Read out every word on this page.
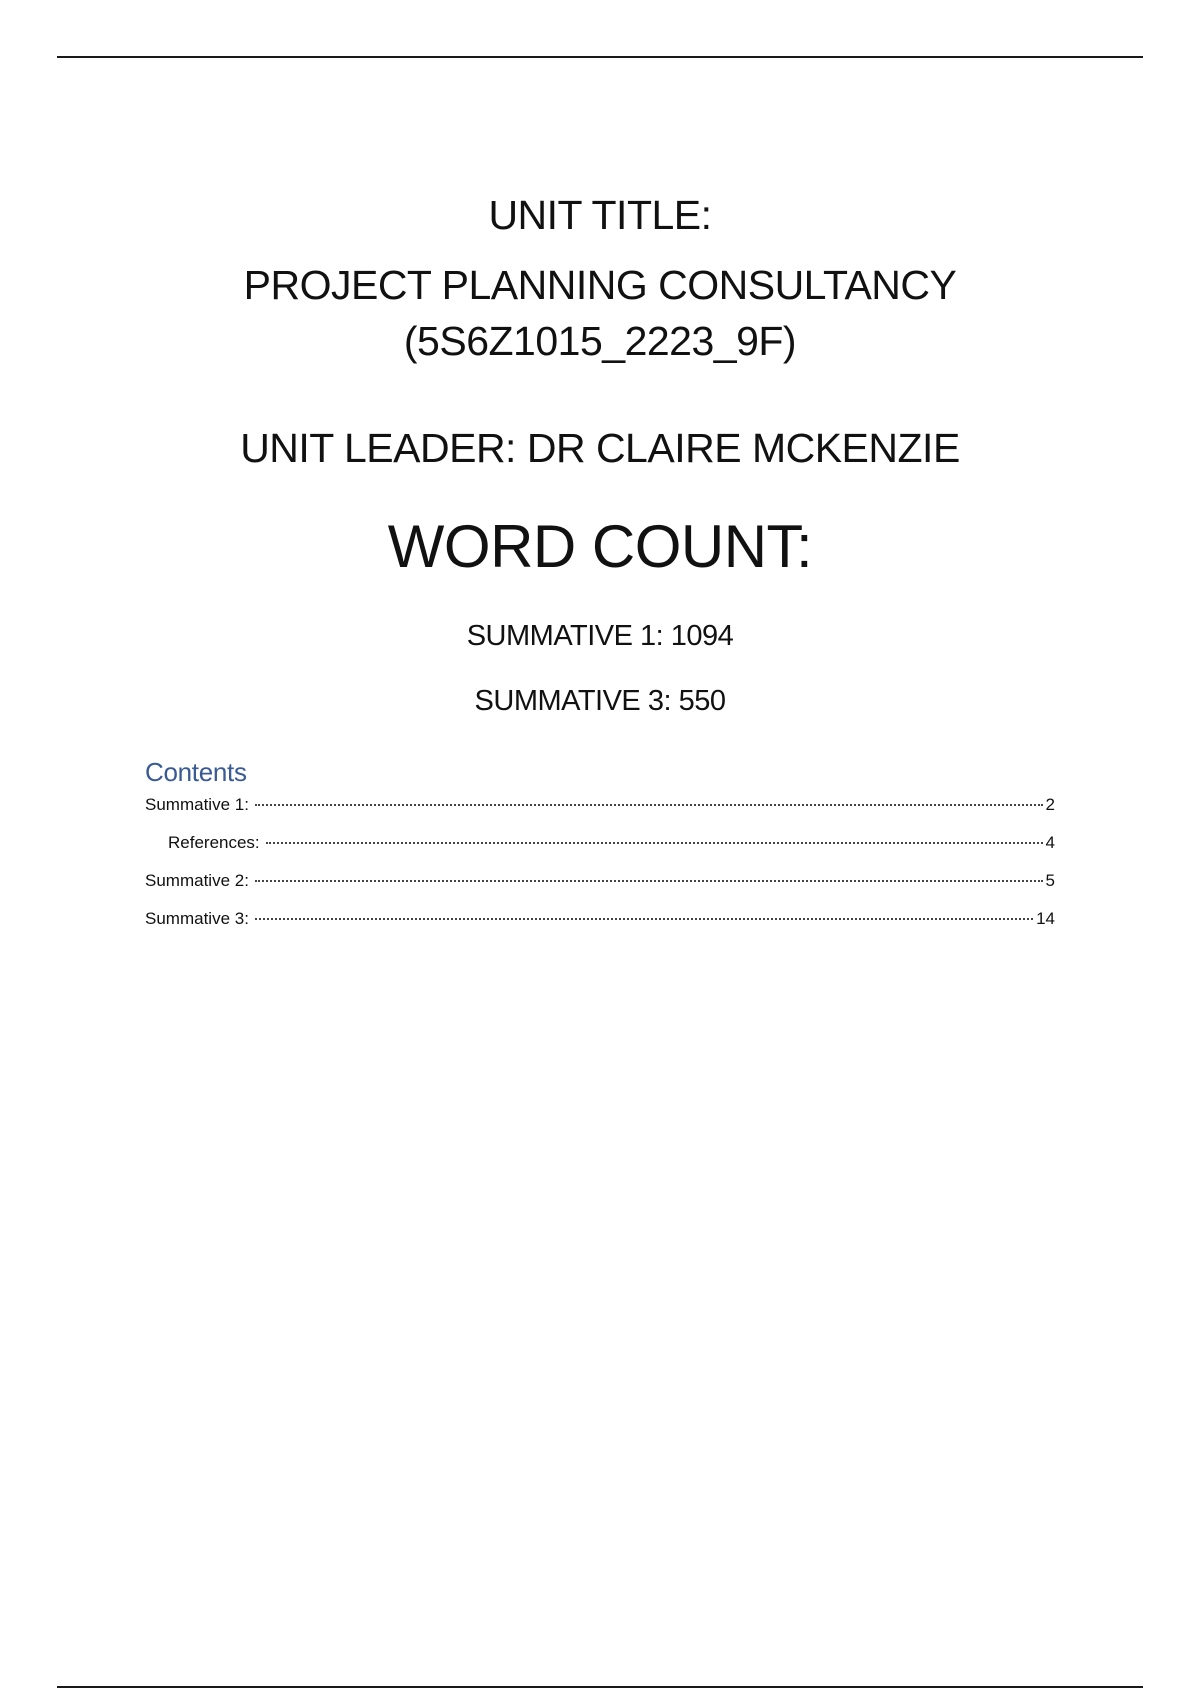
UNIT TITLE:
PROJECT PLANNING CONSULTANCY
(5S6Z1015_2223_9F)
UNIT LEADER: DR CLAIRE MCKENZIE
WORD COUNT:
SUMMATIVE 1: 1094
SUMMATIVE 3: 550
Contents
Summative 1:	2
References:	4
Summative 2:	5
Summative 3:	14
